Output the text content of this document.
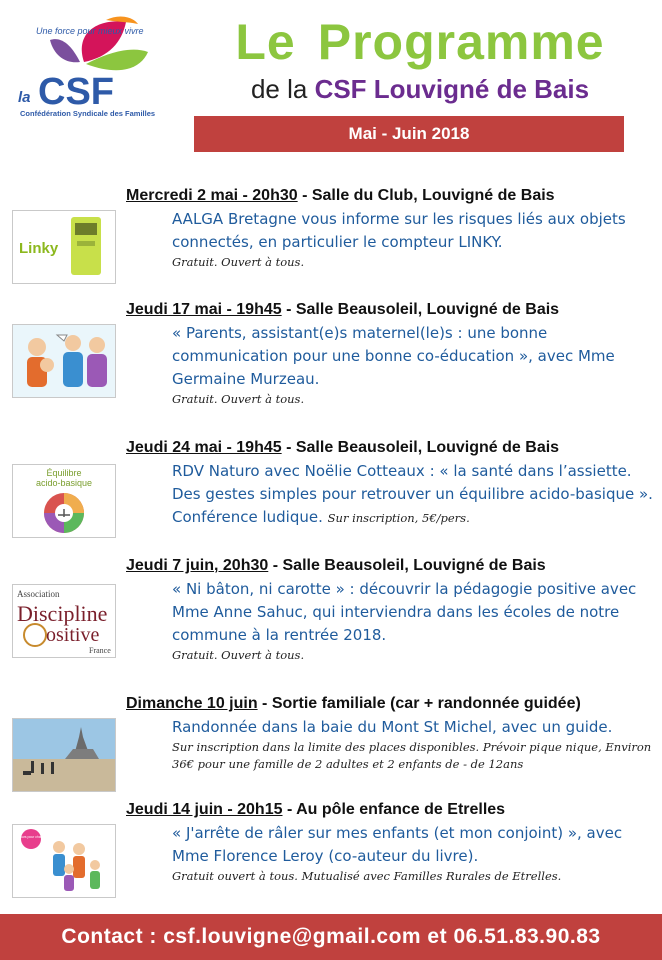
Une force pour mieux vivre
la CSF
Confédération Syndicale des Familles
Le Programme
de la CSF Louvigné de Bais
Mai - Juin 2018
Linky
Mercredi 2 mai - 20h30 - Salle du Club, Louvigné de Bais
AALGA Bretagne vous informe sur les risques liés aux objets connectés, en particulier le compteur LINKY.
Gratuit. Ouvert à tous.
Jeudi 17 mai - 19h45 - Salle Beausoleil, Louvigné de Bais
« Parents, assistant(e)s maternel(le)s : une bonne communication pour une bonne co-éducation », avec Mme Germaine Murzeau.
Gratuit. Ouvert à tous.
Équilibre
acido-basique
Jeudi 24 mai - 19h45 - Salle Beausoleil, Louvigné de Bais
RDV Naturo avec Noëlie Cotteaux : « la santé dans l’assiette. Des gestes simples pour retrouver un équilibre acido-basique ». Conférence ludique. Sur inscription, 5€/pers.
Association
Discipline
ositive
France
Jeudi 7 juin, 20h30 - Salle Beausoleil, Louvigné de Bais
« Ni bâton, ni carotte » : découvrir la pédagogie positive avec Mme Anne Sahuc, qui interviendra dans les écoles de notre commune à la rentrée 2018.
Gratuit. Ouvert à tous.
Dimanche 10 juin - Sortie familiale (car + randonnée guidée)
Randonnée dans la baie du Mont St Michel, avec un guide.
Sur inscription dans la limite des places disponibles. Prévoir pique nique, Environ 36€ pour une famille de 2 adultes et 2 enfants de - de 12ans
21 jours pour changer
Jeudi 14 juin - 20h15 - Au pôle enfance de Etrelles
« J'arrête de râler sur mes enfants (et mon conjoint) », avec Mme Florence Leroy (co-auteur du livre).
Gratuit ouvert à tous. Mutualisé avec Familles Rurales de Etrelles.
Contact : csf.louvigne@gmail.com et 06.51.83.90.83
